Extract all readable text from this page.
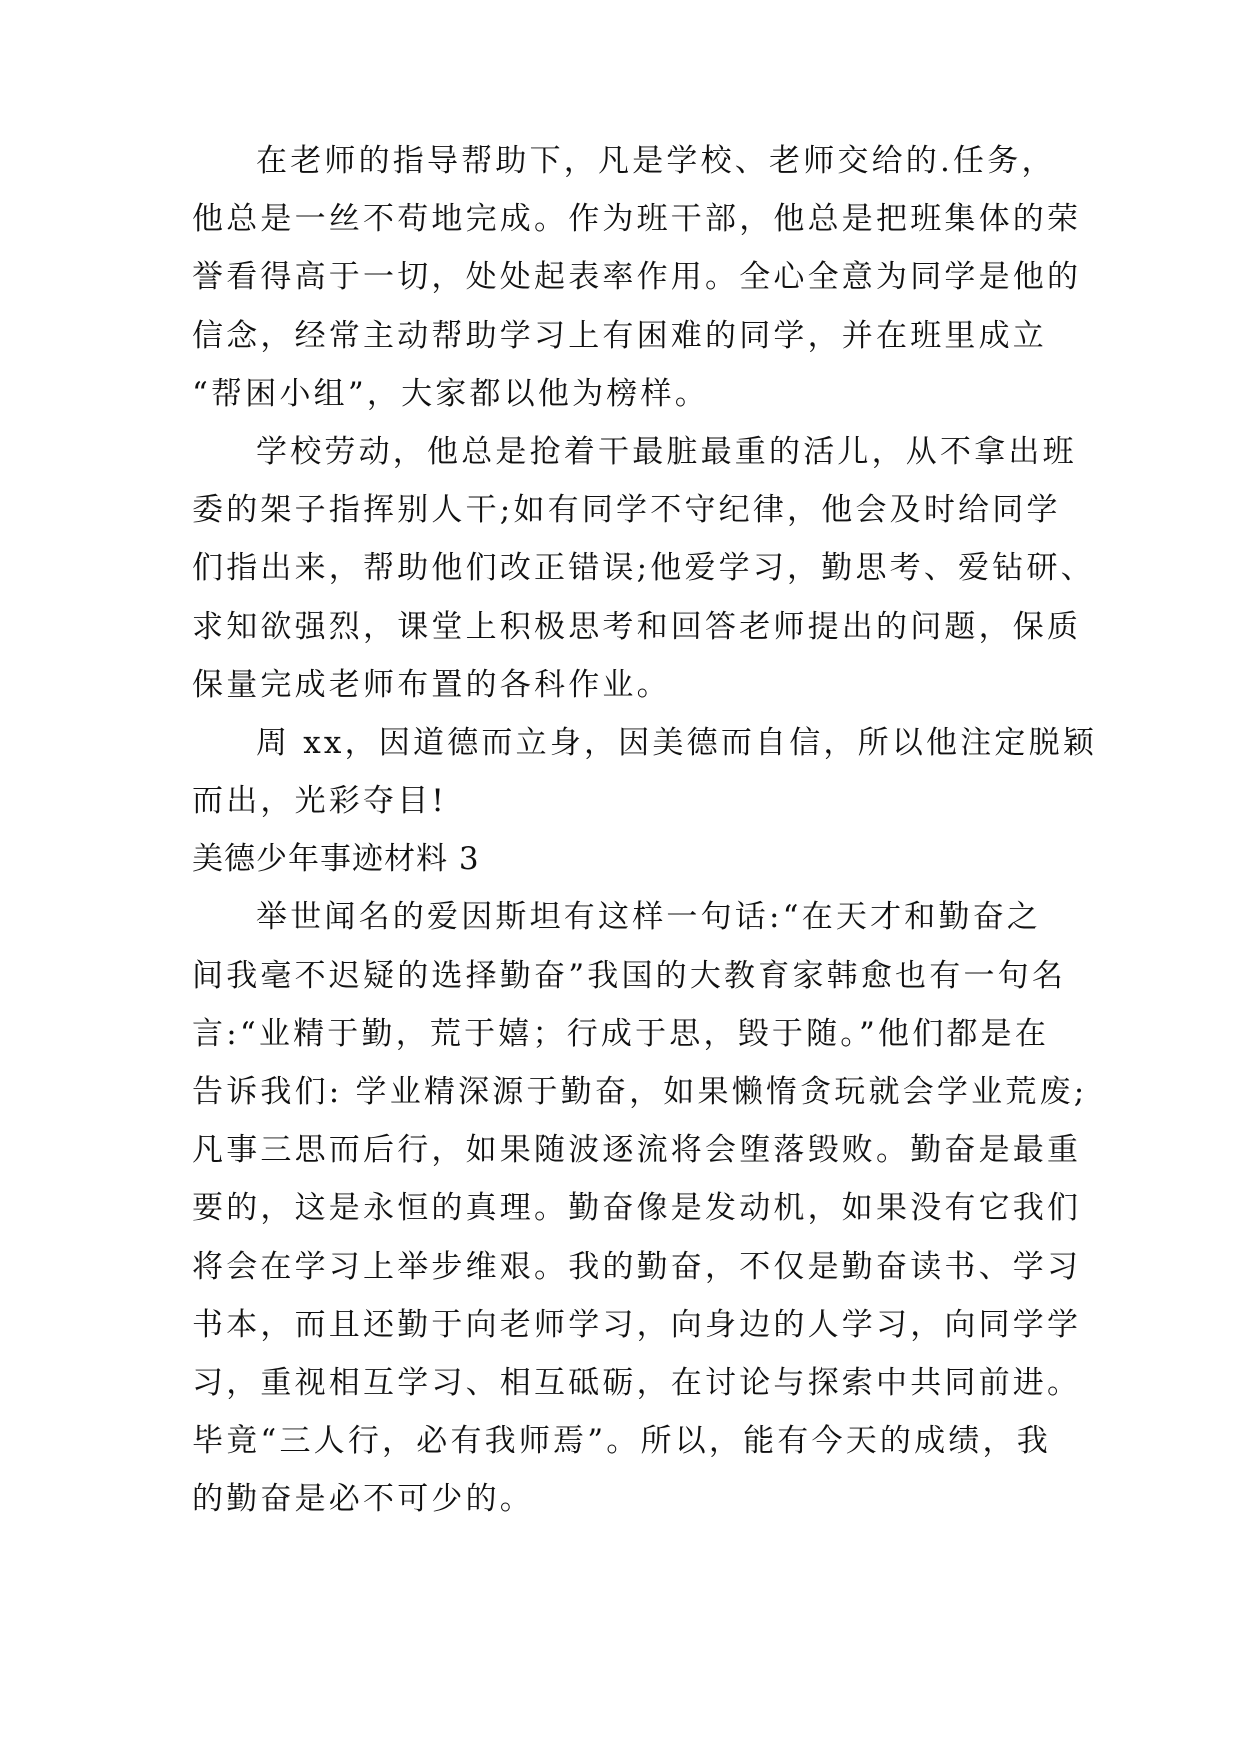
在老师的指导帮助下，凡是学校、老师交给的.任务，
他总是一丝不苟地完成。作为班干部，他总是把班集体的荣
誉看得高于一切，处处起表率作用。全心全意为同学是他的
信念，经常主动帮助学习上有困难的同学，并在班里成立
“帮困小组”，大家都以他为榜样。
学校劳动，他总是抢着干最脏最重的活儿，从不拿出班
委的架子指挥别人干;如有同学不守纪律，他会及时给同学
们指出来，帮助他们改正错误;他爱学习，勤思考、爱钻研、
求知欲强烈，课堂上积极思考和回答老师提出的问题，保质
保量完成老师布置的各科作业。
周 xx，因道德而立身，因美德而自信，所以他注定脱颖
而出，光彩夺目!
美德少年事迹材料 3
举世闻名的爱因斯坦有这样一句话:“在天才和勤奋之
间我毫不迟疑的选择勤奋”我国的大教育家韩愈也有一句名
言:“业精于勤，荒于嬉；行成于思，毁于随。”他们都是在
告诉我们: 学业精深源于勤奋，如果懒惰贪玩就会学业荒废;
凡事三思而后行，如果随波逐流将会堕落毁败。勤奋是最重
要的，这是永恒的真理。勤奋像是发动机，如果没有它我们
将会在学习上举步维艰。我的勤奋，不仅是勤奋读书、学习
书本，而且还勤于向老师学习，向身边的人学习，向同学学
习，重视相互学习、相互砥砺，在讨论与探索中共同前进。
毕竟“三人行，必有我师焉”。所以，能有今天的成绩，我
的勤奋是必不可少的。
